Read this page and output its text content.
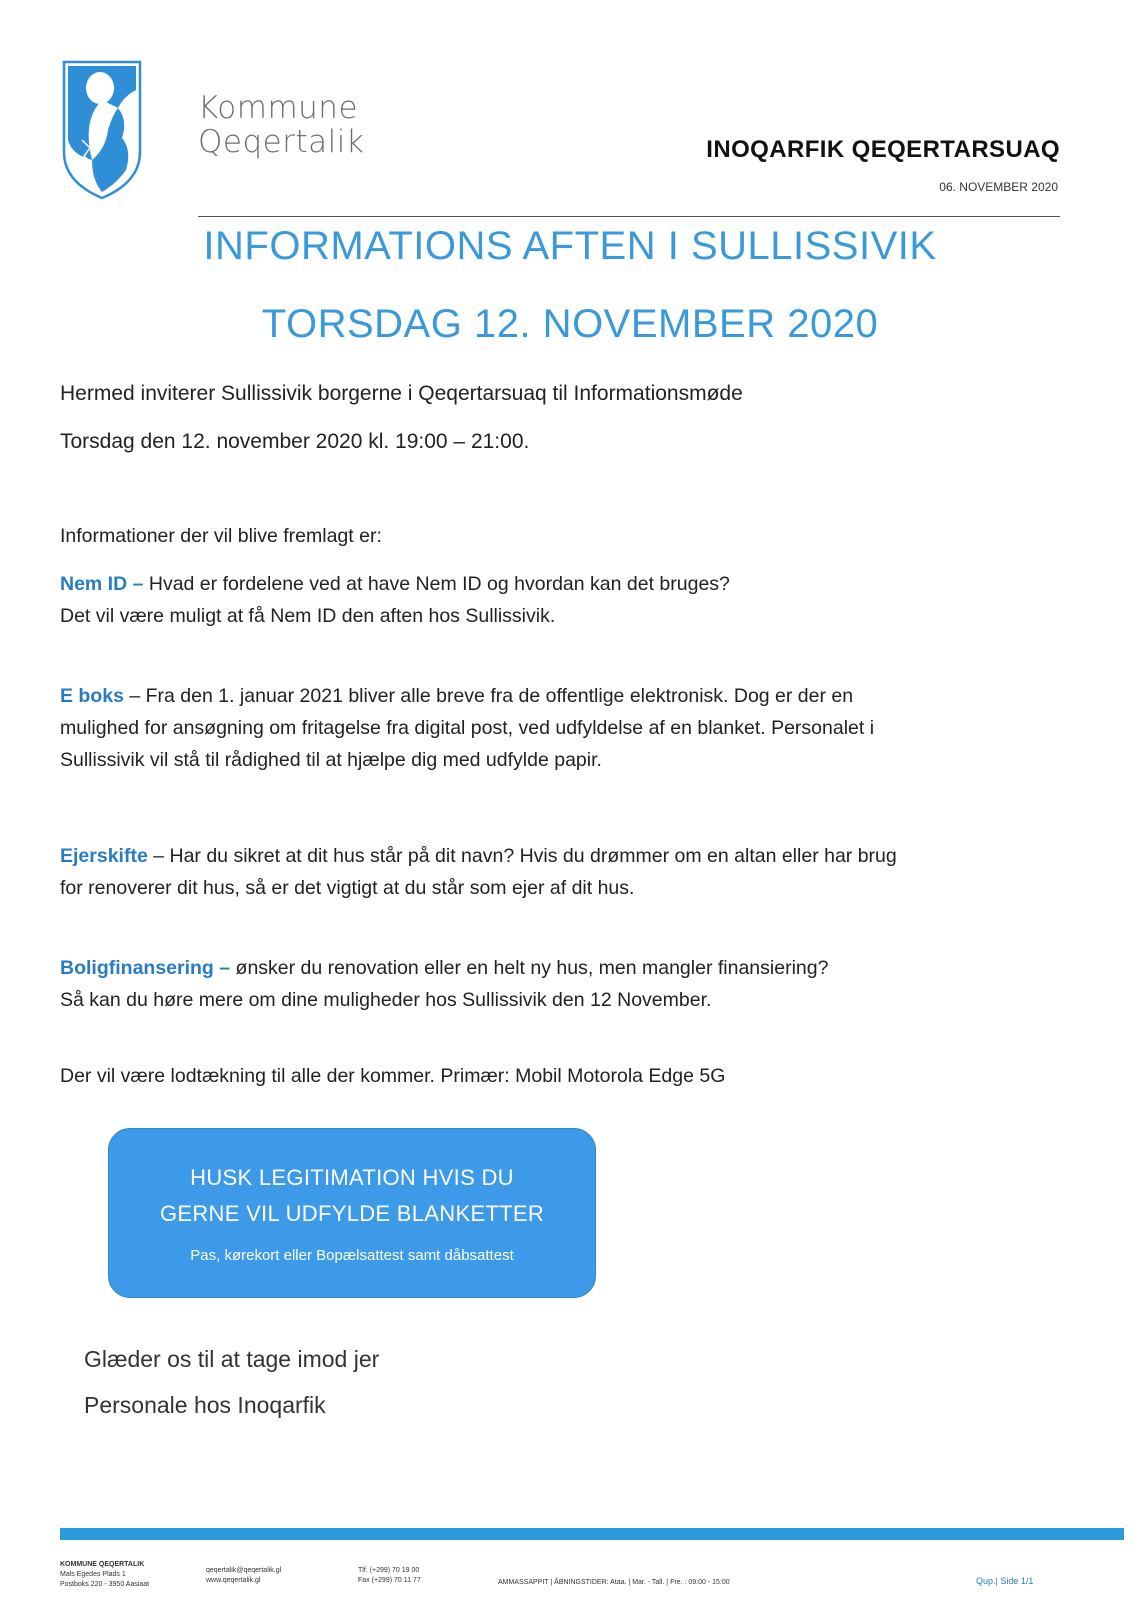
Kommune
Qeqertalik	INOQARFIK QEQERTARSUAQ
06. NOVEMBER 2020
INFORMATIONS AFTEN I SULLISSIVIK
TORSDAG 12. NOVEMBER 2020
Hermed inviterer Sullissivik borgerne i Qeqertarsuaq til Informationsmøde
Torsdag den 12. november 2020 kl. 19:00 – 21:00.
Informationer der vil blive fremlagt er:
Nem ID – Hvad er fordelene ved at have Nem ID og hvordan kan det bruges?
Det vil være muligt at få Nem ID den aften hos Sullissivik.
E boks – Fra den 1. januar 2021 bliver alle breve fra de offentlige elektronisk. Dog er der en
mulighed for ansøgning om fritagelse fra digital post, ved udfyldelse af en blanket. Personalet i
Sullissivik vil stå til rådighed til at hjælpe dig med udfylde papir.
Ejerskifte – Har du sikret at dit hus står på dit navn? Hvis du drømmer om en altan eller har brug
for renoverer dit hus, så er det vigtigt at du står som ejer af dit hus.
Boligfinansering – ønsker du renovation eller en helt ny hus, men mangler finansiering?
Så kan du høre mere om dine muligheder hos Sullissivik den 12 November.
Der vil være lodtækning til alle der kommer. Primær: Mobil Motorola Edge 5G
HUSK LEGITIMATION HVIS DU
GERNE VIL UDFYLDE BLANKETTER
Pas, kørekort eller Bopælsattest samt dåbsattest
Glæder os til at tage imod jer
Personale hos Inoqarfik
KOMMUNE QEQERTALIK
Mals Egedes Plads 1
Postboks 220 - 3950 Aasiaat
qeqertalik@qeqertalik.gl
www.qeqertalik.gl
Tlf. (+299) 70 19 00
Fax (+299) 70 11 77	AMMASSAPPIT | ÅBNINGSTIDER: Ataa. | Mar. - Tall. | Fre. : 09:00 - 15:00	Qup.| Side 1/1
